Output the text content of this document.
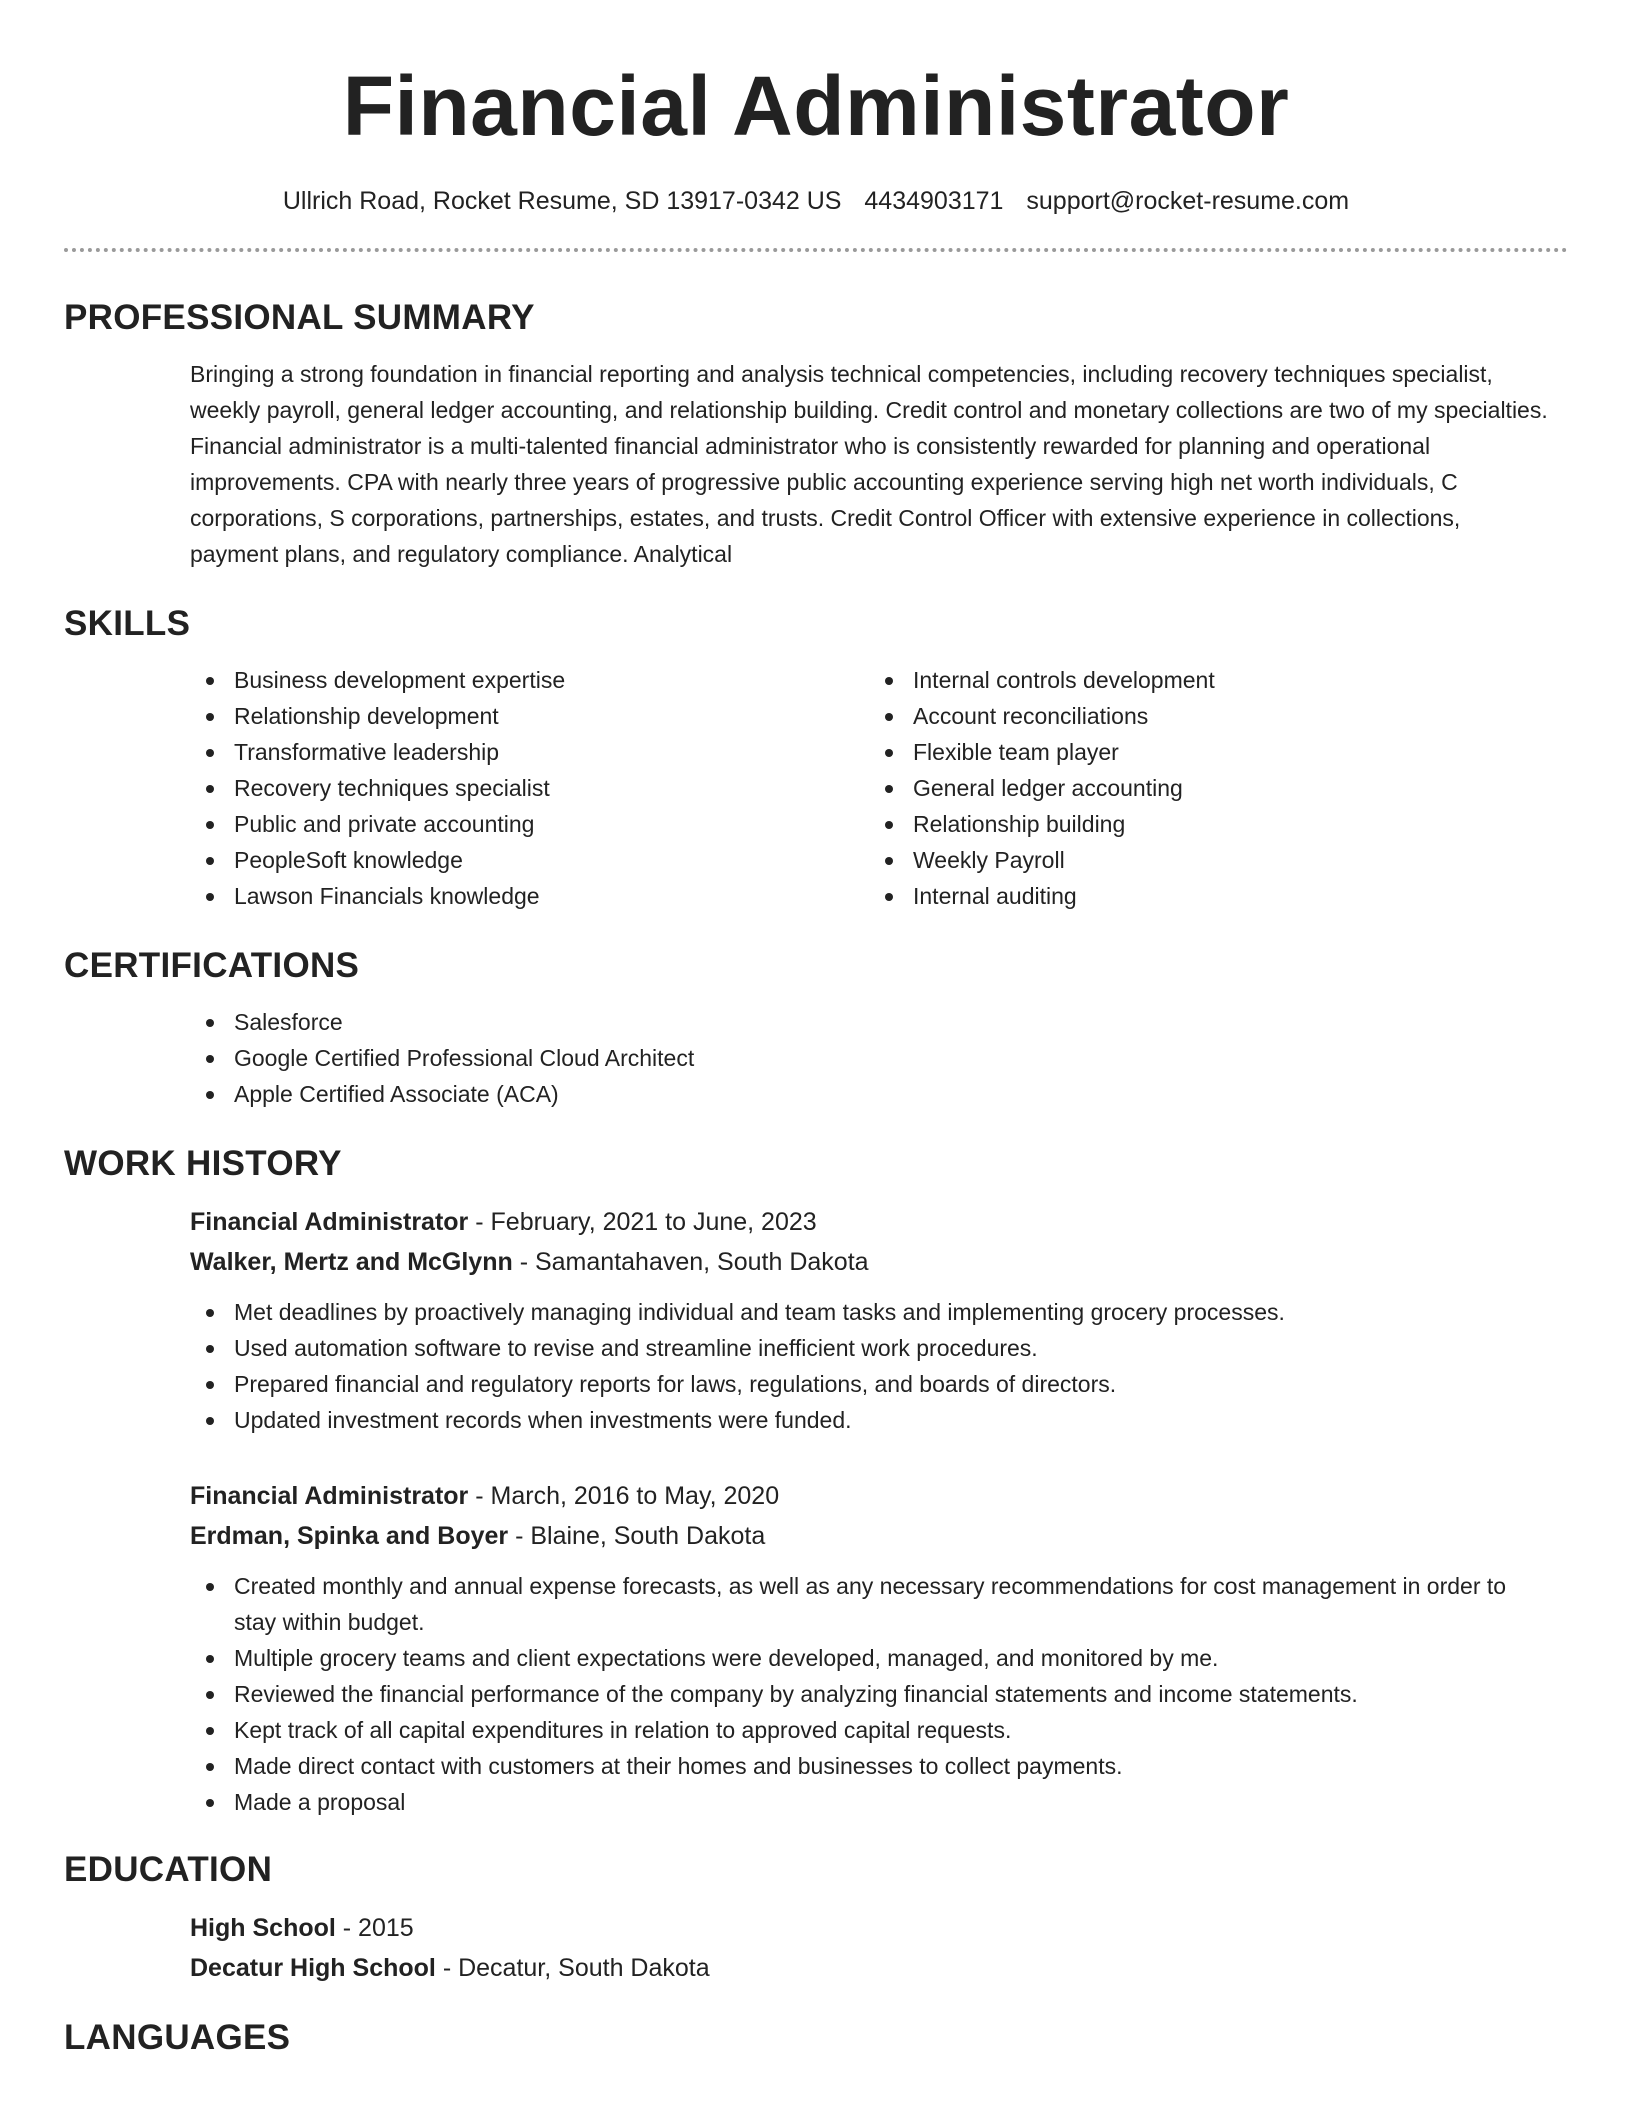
Financial Administrator
Ullrich Road, Rocket Resume, SD 13917-0342 US 4434903171 support@rocket-resume.com
PROFESSIONAL SUMMARY

Bringing a strong foundation in financial reporting and analysis technical competencies, including recovery techniques specialist, weekly payroll, general ledger accounting, and relationship building. Credit control and monetary collections are two of my specialties. Financial administrator is a multi-talented financial administrator who is consistently rewarded for planning and operational improvements. CPA with nearly three years of progressive public accounting experience serving high net worth individuals, C corporations, S corporations, partnerships, estates, and trusts. Credit Control Officer with extensive experience in collections, payment plans, and regulatory compliance. Analytical

SKILLS
Business development expertise
Relationship development
Transformative leadership
Recovery techniques specialist
Public and private accounting
PeopleSoft knowledge
Lawson Financials knowledge
Internal controls development
Account reconciliations
Flexible team player
General ledger accounting
Relationship building
Weekly Payroll
Internal auditing
CERTIFICATIONS
Salesforce
Google Certified Professional Cloud Architect
Apple Certified Associate (ACA)
WORK HISTORY
Financial Administrator - February, 2021 to June, 2023
Walker, Mertz and McGlynn - Samantahaven, South Dakota
Met deadlines by proactively managing individual and team tasks and implementing grocery processes.
Used automation software to revise and streamline inefficient work procedures.
Prepared financial and regulatory reports for laws, regulations, and boards of directors.
Updated investment records when investments were funded.
Financial Administrator - March, 2016 to May, 2020
Erdman, Spinka and Boyer - Blaine, South Dakota
Created monthly and annual expense forecasts, as well as any necessary recommendations for cost management in order to stay within budget.
Multiple grocery teams and client expectations were developed, managed, and monitored by me.
Reviewed the financial performance of the company by analyzing financial statements and income statements.
Kept track of all capital expenditures in relation to approved capital requests.
Made direct contact with customers at their homes and businesses to collect payments.
Made a proposal
EDUCATION
High School - 2015
Decatur High School - Decatur, South Dakota
LANGUAGES
